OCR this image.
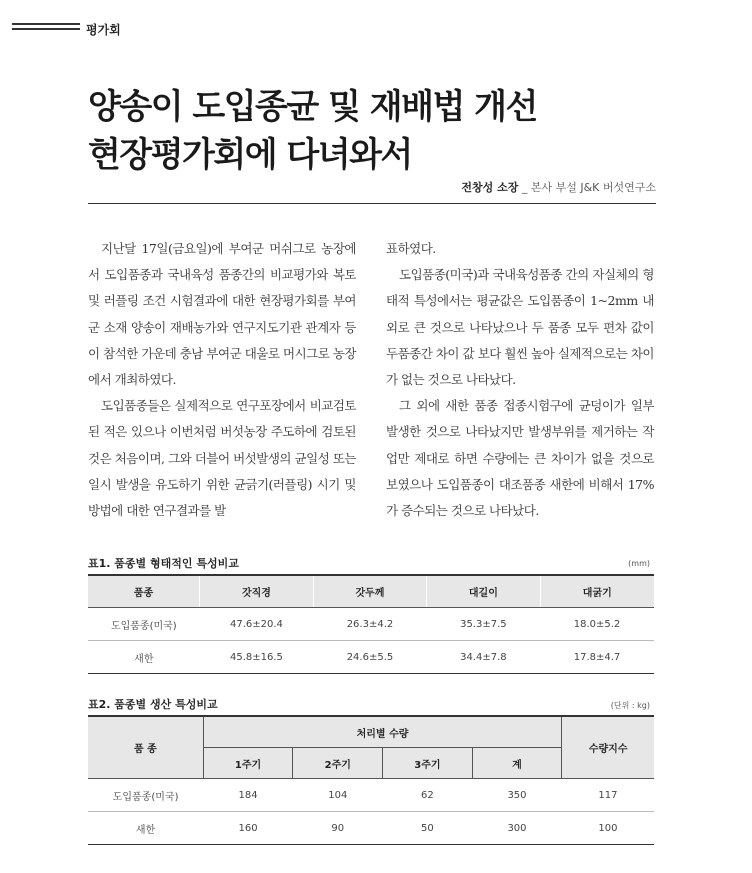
평가회
양송이 도입종균 및 재배법 개선
현장평가회에 다녀와서
전창성 소장 _ 본사 부설 J&K 버섯연구소

지난달 17일(금요일)에 부여군 머쉬그로 농장에서 도입품종과 국내육성 품종간의 비교평가와 복토 및 러플링 조건 시험결과에 대한 현장평가회를 부여군 소재 양송이 재배농가와 연구지도기관 관계자 등이 참석한 가운데 충남 부여군 대울로 머시그로 농장에서 개최하였다.

도입품종들은 실제적으로 연구포장에서 비교검토된 적은 있으나 이번처럼 버섯농장 주도하에 검토된 것은 처음이며, 그와 더블어 버섯발생의 균일성 또는 일시 발생을 유도하기 위한 균긁기(러플링) 시기 및 방법에 대한 연구결과를 발

표하였다.

도입품종(미국)과 국내육성품종 간의 자실체의 형태적 특성에서는 평균값은 도입품종이 1~2mm 내외로 큰 것으로 나타났으나 두 품종 모두 편차 값이 두품종간 차이 값 보다 훨씬 높아 실제적으로는 차이가 없는 것으로 나타났다.

그 외에 새한 품종 접종시험구에 균덩이가 일부 발생한 것으로 나타났지만 발생부위를 제거하는 작업만 제대로 하면 수량에는 큰 차이가 없을 것으로 보였으나 도입품종이 대조품종 새한에 비해서 17%가 증수되는 것으로 나타났다.

표1. 품종별 형태적인 특성비교	(mm)
품종	갓직경	갓두께	대길이	대굵기
도입품종(미국)	47.6±20.4	26.3±4.2	35.3±7.5	18.0±5.2
새한	45.8±16.5	24.6±5.5	34.4±7.8	17.8±4.7
표2. 품종별 생산 특성비교	(단위 : kg)
품 종	처리별 수량				수량지수
	1주기	2주기	3주기	계	
도입품종(미국)	184	104	62	350	117
새한	160	90	50	300	100
